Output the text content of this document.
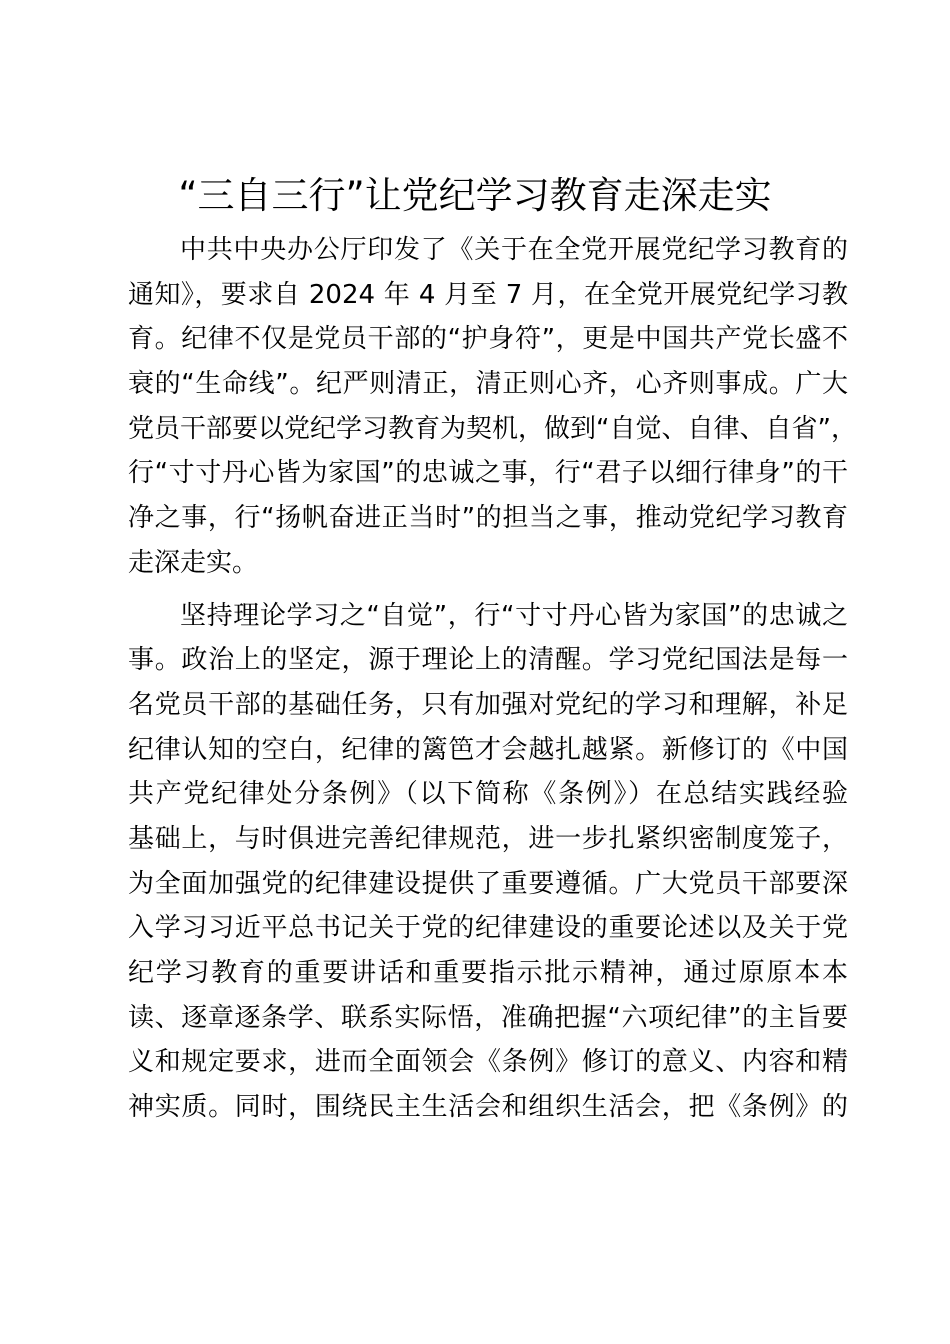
“三自三行”让党纪学习教育走深走实
中共中央办公厅印发了《关于在全党开展党纪学习教育的
通知》，要求自 2024 年 4 月至 7 月，在全党开展党纪学习教
育。纪律不仅是党员干部的“护身符”，更是中国共产党长盛不
衰的“生命线”。纪严则清正，清正则心齐，心齐则事成。广大
党员干部要以党纪学习教育为契机，做到“自觉、自律、自省”，
行“寸寸丹心皆为家国”的忠诚之事，行“君子以细行律身”的干
净之事，行“扬帆奋进正当时”的担当之事，推动党纪学习教育
走深走实。
坚持理论学习之“自觉”，行“寸寸丹心皆为家国”的忠诚之
事。政治上的坚定，源于理论上的清醒。学习党纪国法是每一
名党员干部的基础任务，只有加强对党纪的学习和理解，补足
纪律认知的空白，纪律的篱笆才会越扎越紧。新修订的《中国
共产党纪律处分条例》（以下简称《条例》）在总结实践经验
基础上，与时俱进完善纪律规范，进一步扎紧织密制度笼子，
为全面加强党的纪律建设提供了重要遵循。广大党员干部要深
入学习习近平总书记关于党的纪律建设的重要论述以及关于党
纪学习教育的重要讲话和重要指示批示精神，通过原原本本
读、逐章逐条学、联系实际悟，准确把握“六项纪律”的主旨要
义和规定要求，进而全面领会《条例》修订的意义、内容和精
神实质。同时，围绕民主生活会和组织生活会，把《条例》的
